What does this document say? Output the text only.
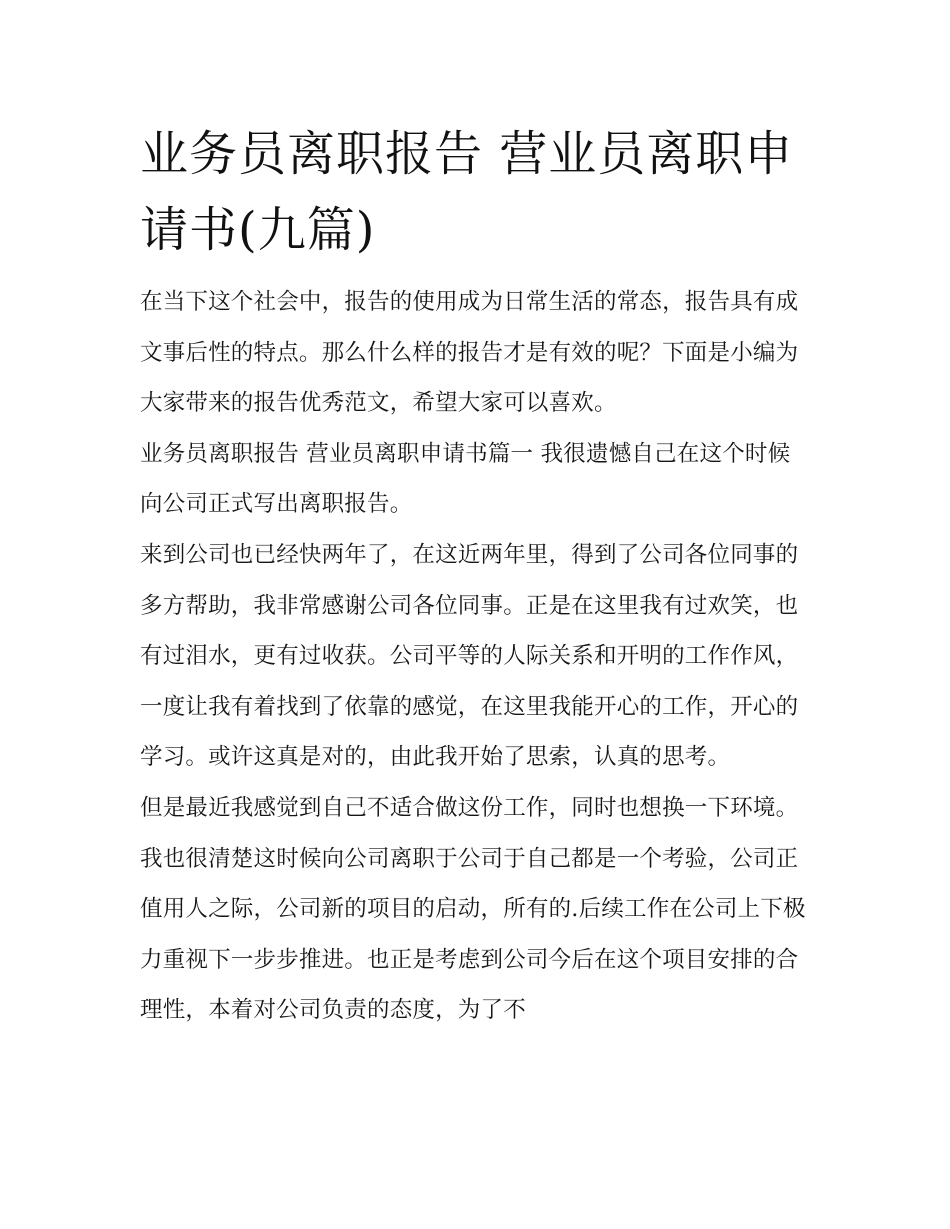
业务员离职报告 营业员离职申
请书(九篇)

在当下这个社会中，报告的使用成为日常生活的常态，报告具有成文事后性的特点。那么什么样的报告才是有效的呢？下面是小编为大家带来的报告优秀范文，希望大家可以喜欢。

业务员离职报告 营业员离职申请书篇一 我很遗憾自己在这个时候向公司正式写出离职报告。

来到公司也已经快两年了，在这近两年里，得到了公司各位同事的多方帮助，我非常感谢公司各位同事。正是在这里我有过欢笑，也有过泪水，更有过收获。公司平等的人际关系和开明的工作作风，一度让我有着找到了依靠的感觉，在这里我能开心的工作，开心的学习。或许这真是对的，由此我开始了思索，认真的思考。

但是最近我感觉到自己不适合做这份工作，同时也想换一下环境。我也很清楚这时候向公司离职于公司于自己都是一个考验，公司正值用人之际，公司新的项目的启动，所有的.后续工作在公司上下极力重视下一步步推进。也正是考虑到公司今后在这个项目安排的合理性，本着对公司负责的态度，为了不
